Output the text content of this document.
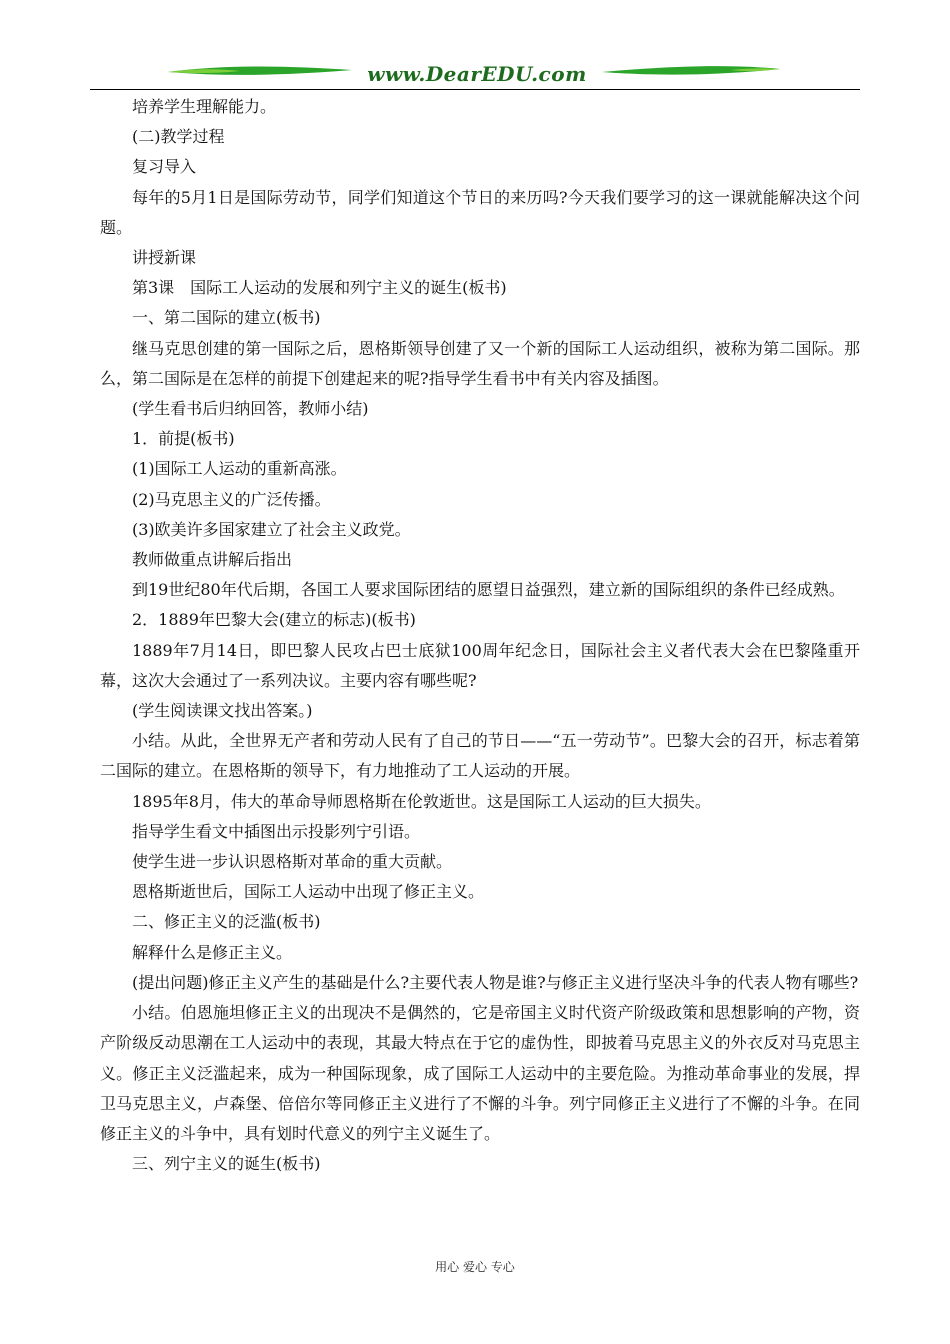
www.DearEDU.com

培养学生理解能力。

(二)教学过程

复习导入

每年的5月1日是国际劳动节，同学们知道这个节日的来历吗?今天我们要学习的这一课就能解决这个问题。

讲授新课

第3课　国际工人运动的发展和列宁主义的诞生(板书)

一、第二国际的建立(板书)

继马克思创建的第一国际之后，恩格斯领导创建了又一个新的国际工人运动组织，被称为第二国际。那么，第二国际是在怎样的前提下创建起来的呢?指导学生看书中有关内容及插图。

(学生看书后归纳回答，教师小结)

1．前提(板书)

(1)国际工人运动的重新高涨。

(2)马克思主义的广泛传播。

(3)欧美许多国家建立了社会主义政党。

教师做重点讲解后指出

到19世纪80年代后期，各国工人要求国际团结的愿望日益强烈，建立新的国际组织的条件已经成熟。

2．1889年巴黎大会(建立的标志)(板书)

1889年7月14日，即巴黎人民攻占巴士底狱100周年纪念日，国际社会主义者代表大会在巴黎隆重开幕，这次大会通过了一系列决议。主要内容有哪些呢?

(学生阅读课文找出答案。)

小结。从此，全世界无产者和劳动人民有了自己的节日——“五一劳动节”。巴黎大会的召开，标志着第二国际的建立。在恩格斯的领导下，有力地推动了工人运动的开展。

1895年8月，伟大的革命导师恩格斯在伦敦逝世。这是国际工人运动的巨大损失。

指导学生看文中插图出示投影列宁引语。

使学生进一步认识恩格斯对革命的重大贡献。

恩格斯逝世后，国际工人运动中出现了修正主义。

二、修正主义的泛滥(板书)

解释什么是修正主义。

(提出问题)修正主义产生的基础是什么?主要代表人物是谁?与修正主义进行坚决斗争的代表人物有哪些?

小结。伯恩施坦修正主义的出现决不是偶然的，它是帝国主义时代资产阶级政策和思想影响的产物，资产阶级反动思潮在工人运动中的表现，其最大特点在于它的虚伪性，即披着马克思主义的外衣反对马克思主义。修正主义泛滥起来，成为一种国际现象，成了国际工人运动中的主要危险。为推动革命事业的发展，捍卫马克思主义，卢森堡、倍倍尔等同修正主义进行了不懈的斗争。列宁同修正主义进行了不懈的斗争。在同修正主义的斗争中，具有划时代意义的列宁主义诞生了。

三、列宁主义的诞生(板书)

用心 爱心 专心
